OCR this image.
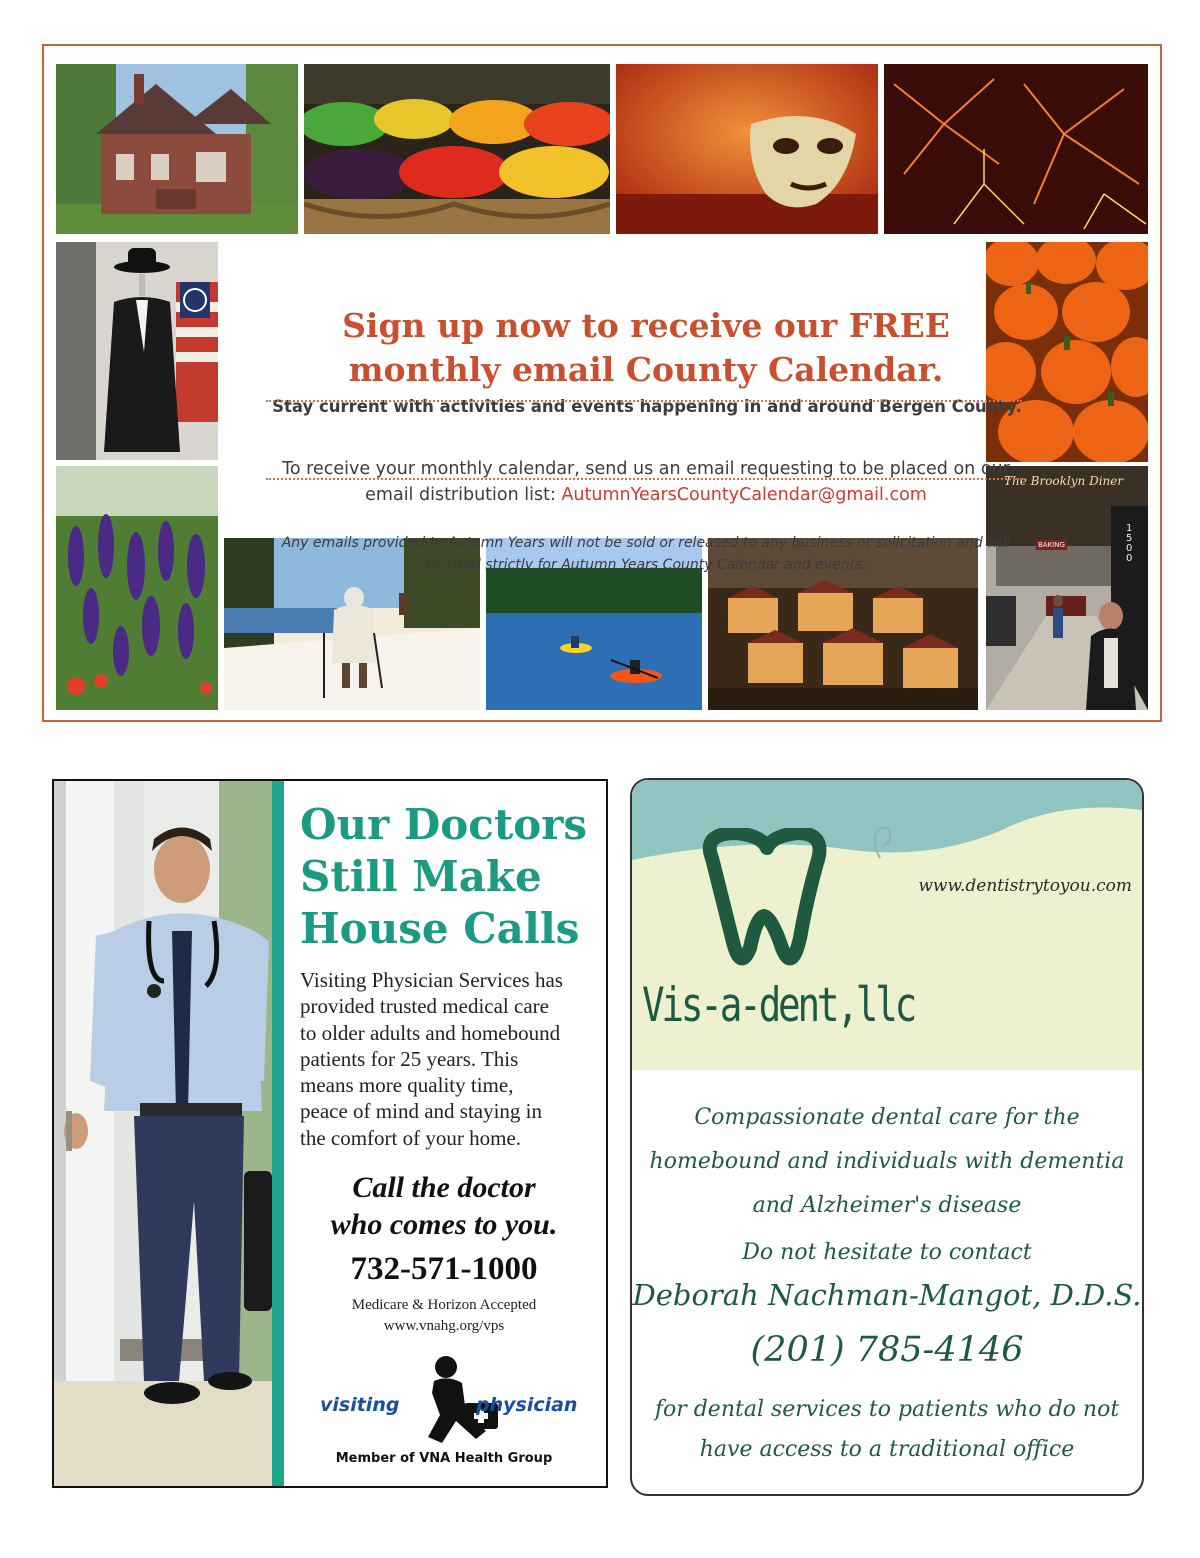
The Brooklyn Diner
BAKING
1500
Sign up now to receive our FREE monthly email County Calendar.
Stay current with activities and events happening in and around Bergen County.
To receive your monthly calendar, send us an email requesting to be placed on our email distribution list: AutumnYearsCountyCalendar@gmail.com
Any emails provided to Autumn Years will not be sold or released to any business or solicitation and will be used strictly for Autumn Years County Calendar and events.
Our Doctors
Still Make
House Calls
Visiting Physician Services has
provided trusted medical care
to older adults and homebound
patients for 25 years. This
means more quality time,
peace of mind and staying in
the comfort of your home.
Call the doctor
who comes to you.
732-571-1000
Medicare & Horizon Accepted
www.vnahg.org/vps
visiting	physician
Member of VNA Health Group
www.dentistrytoyou.com
Vis-a-dent,llc
Compassionate dental care for the
homebound and individuals with dementia
and Alzheimer's disease
Do not hesitate to contact
Deborah Nachman-Mangot, D.D.S.
(201) 785-4146
for dental services to patients who do not
have access to a traditional office
